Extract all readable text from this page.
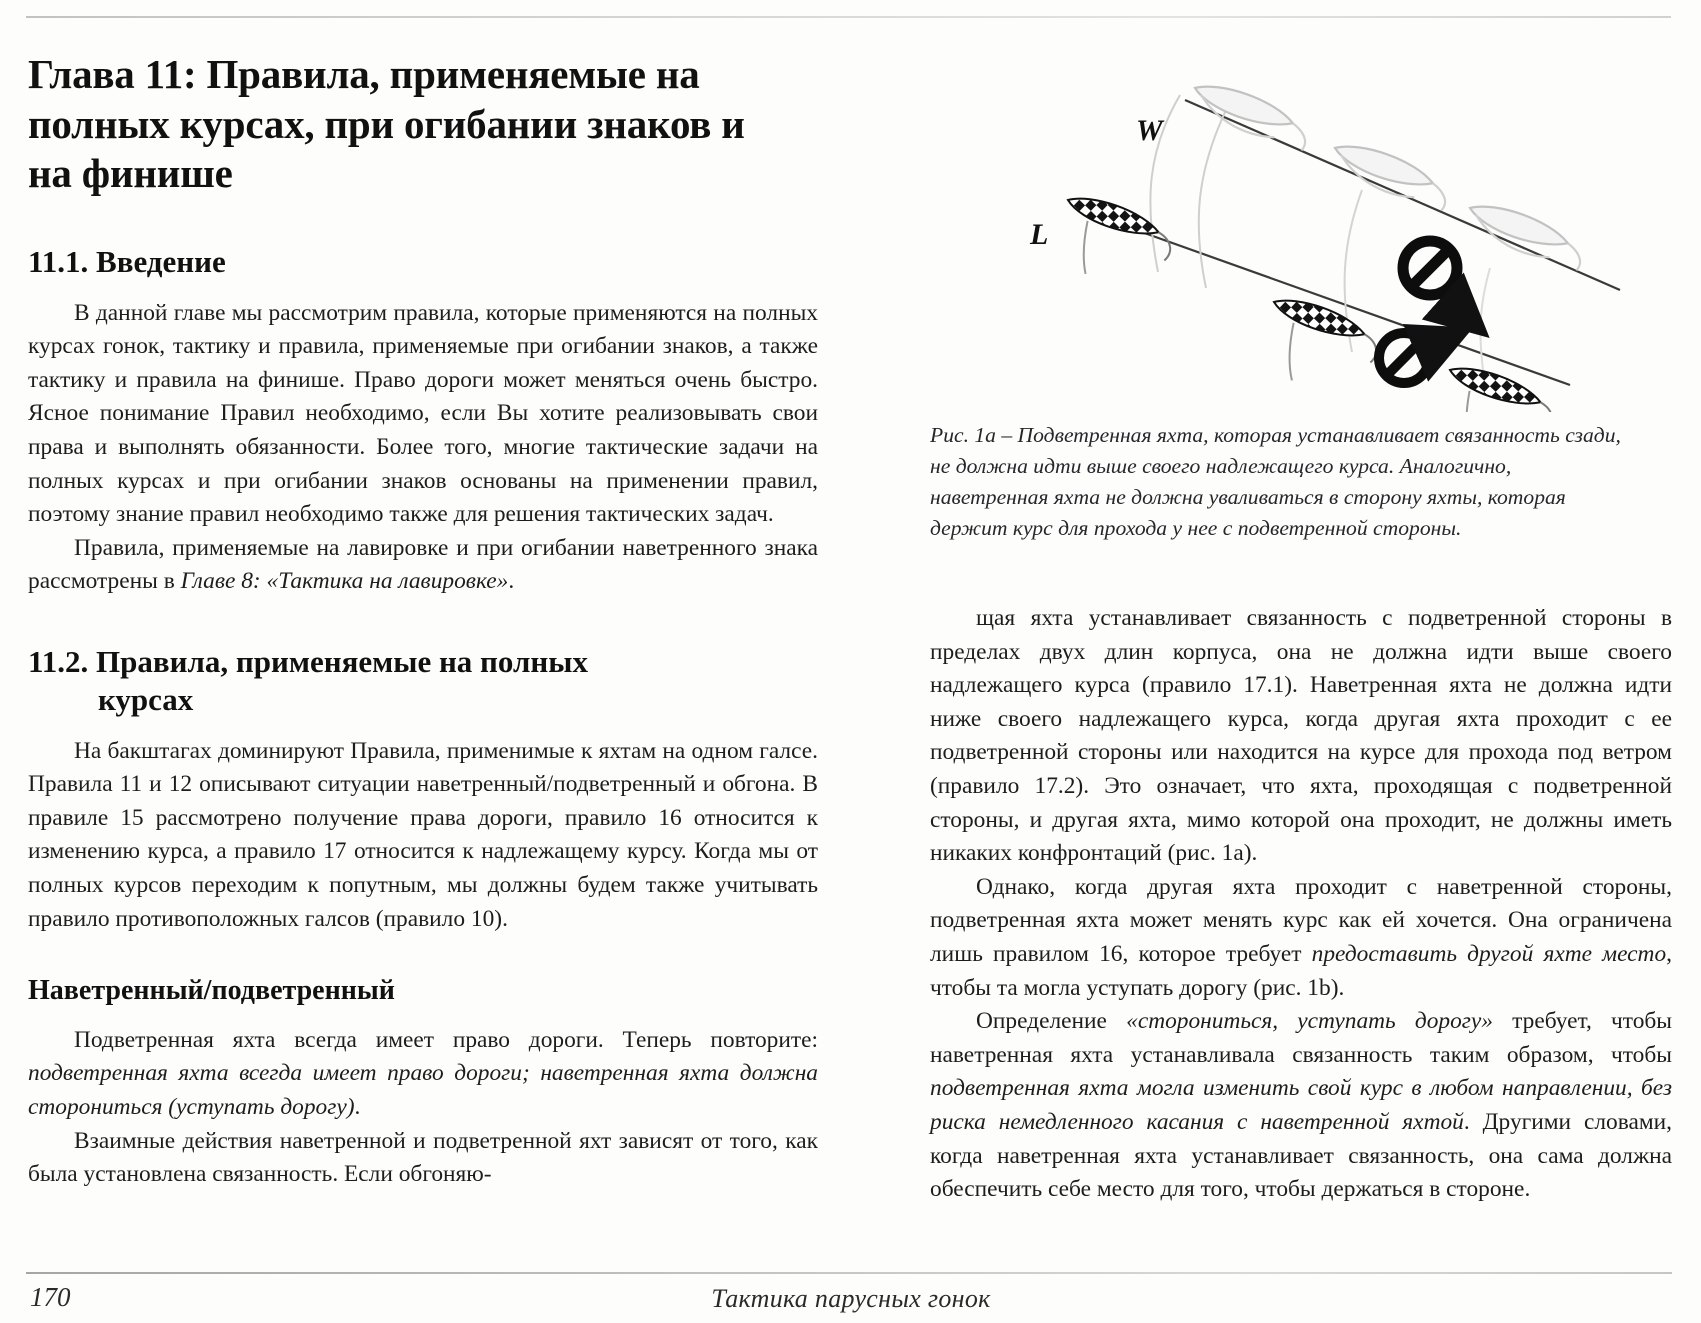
Глава 11: Правила, применяемые на полных курсах, при огибании знаков и на финише
11.1. Введение

В данной главе мы рассмотрим правила, которые применяются на полных курсах гонок, тактику и правила, применяемые при огибании знаков, а также тактику и правила на финише. Право дороги может меняться очень быстро. Ясное понимание Правил необходимо, если Вы хотите реализовывать свои права и выполнять обязанности. Более того, многие тактические задачи на полных курсах и при огибании знаков основаны на применении правил, поэтому знание правил необходимо также для решения тактических задач.

Правила, применяемые на лавировке и при огибании наветренного знака рассмотрены в Главе 8: «Тактика на лавировке».

11.2. Правила, применяемые на полных
курсах

На бакштагах доминируют Правила, применимые к яхтам на одном галсе. Правила 11 и 12 описывают ситуации наветренный/подветренный и обгона. В правиле 15 рассмотрено получение права дороги, правило 16 относится к изменению курса, а правило 17 относится к надлежащему курсу. Когда мы от полных курсов переходим к попутным, мы должны будем также учитывать правило противоположных галсов (правило 10).

Наветренный/подветренный

Подветренная яхта всегда имеет право дороги. Теперь повторите: подветренная яхта всегда имеет право дороги; наветренная яхта должна сторониться (уступать дорогу).

Взаимные действия наветренной и подветренной яхт зависят от того, как была установлена связанность. Если обгоняю-

W
L

Рис. 1а – Подветренная яхта, которая устанавливает связанность сзади, не должна идти выше своего надлежащего курса. Аналогично, наветренная яхта не должна уваливаться в сторону яхты, которая держит курс для прохода у нее с подветренной стороны.

щая яхта устанавливает связанность с подветренной стороны в пределах двух длин корпуса, она не должна идти выше своего надлежащего курса (правило 17.1). Наветренная яхта не должна идти ниже своего надлежащего курса, когда другая яхта проходит с ее подветренной стороны или находится на курсе для прохода под ветром (правило 17.2). Это означает, что яхта, проходящая с подветренной стороны, и другая яхта, мимо которой она проходит, не должны иметь никаких конфронтаций (рис. 1а).

Однако, когда другая яхта проходит с наветренной стороны, подветренная яхта может менять курс как ей хочется. Она ограничена лишь правилом 16, которое требует предоставить другой яхте место, чтобы та могла уступать дорогу (рис. 1b).

Определение «сторониться, уступать дорогу» требует, чтобы наветренная яхта устанавливала связанность таким образом, чтобы подветренная яхта могла изменить свой курс в любом направлении, без риска немедленного касания с наветренной яхтой. Другими словами, когда наветренная яхта устанавливает связанность, она сама должна обеспечить себе место для того, чтобы держаться в стороне.

170	Тактика парусных гонок
